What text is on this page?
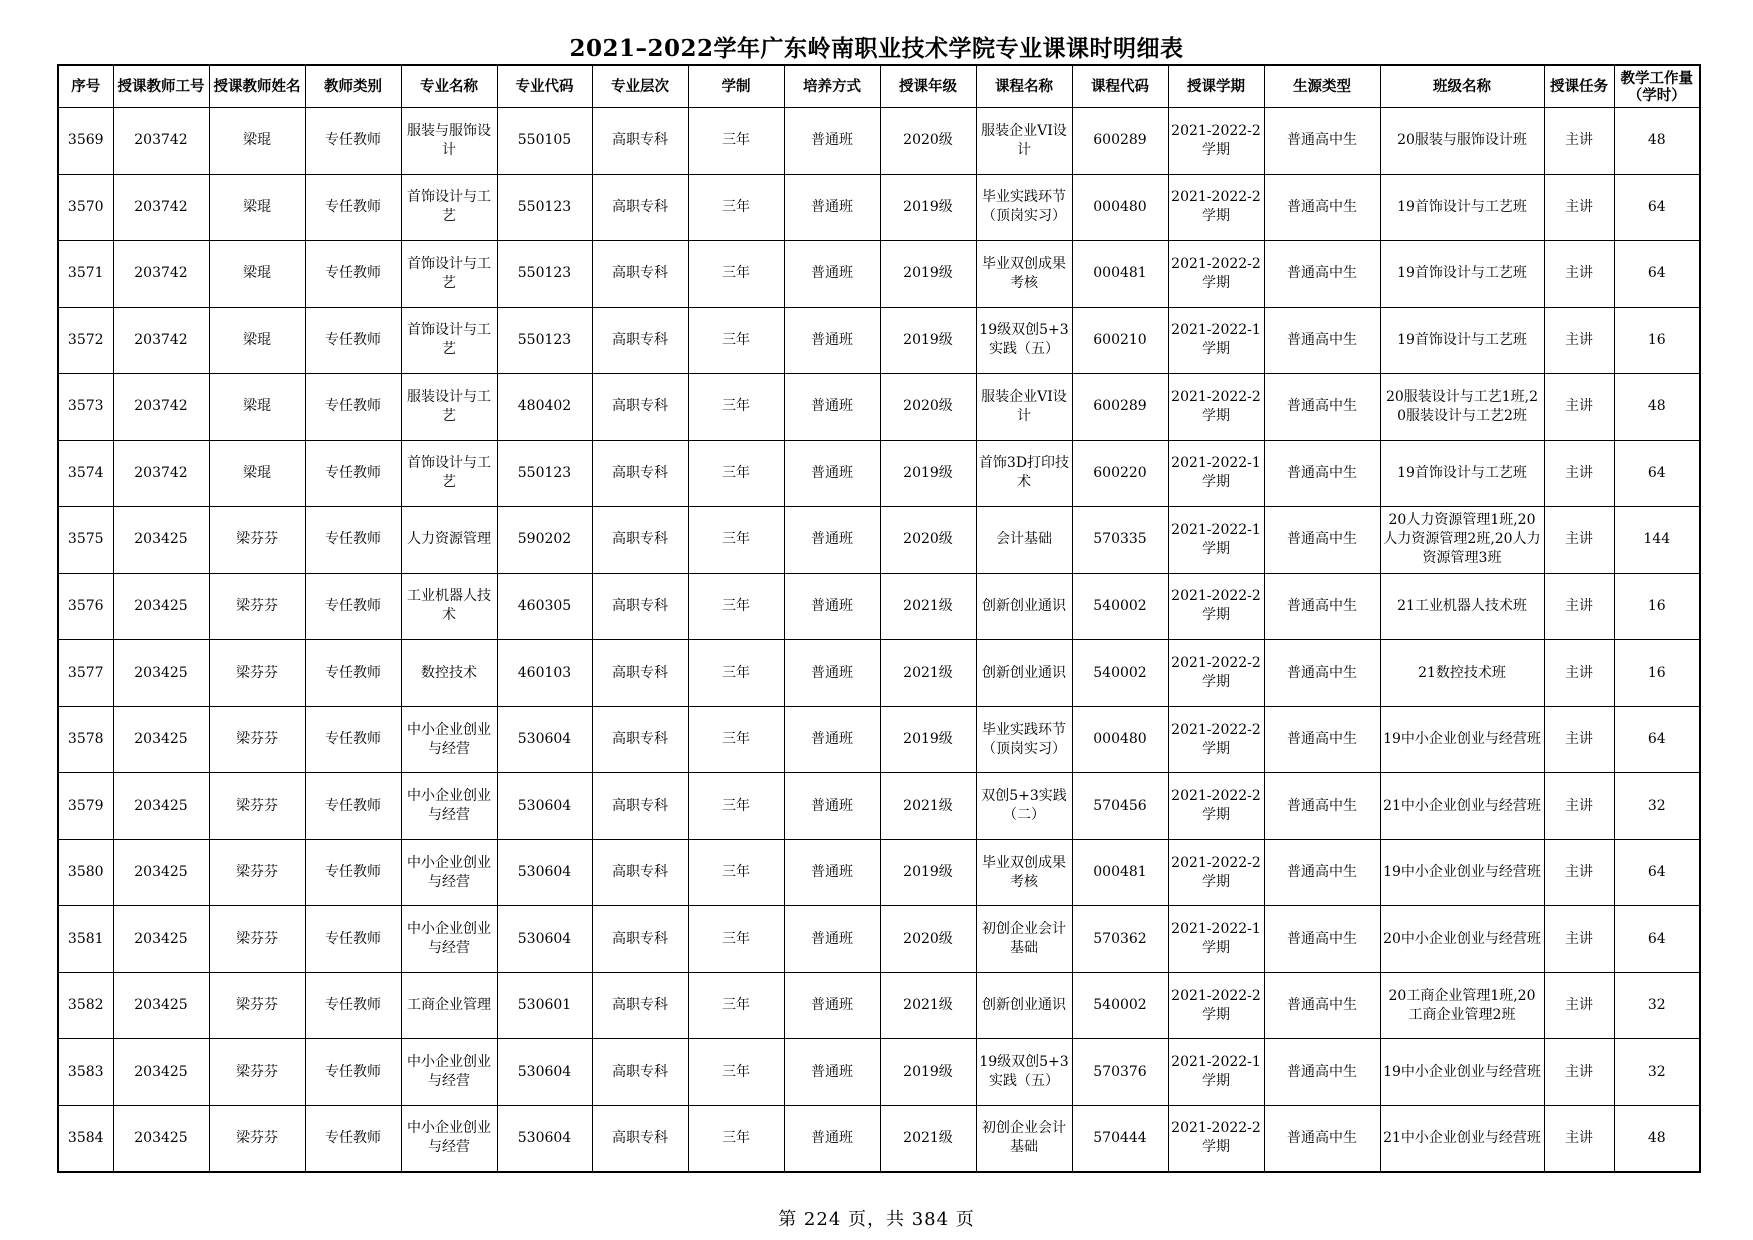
2021–2022学年广东岭南职业技术学院专业课课时明细表
序号	授课教师工号	授课教师姓名	教师类别	专业名称	专业代码	专业层次	学制	培养方式	授课年级	课程名称	课程代码	授课学期	生源类型	班级名称	授课任务	教学工作量（学时）
3569	203742	梁琨	专任教师	服装与服饰设计	550105	高职专科	三年	普通班	2020级	服装企业VI设计	600289	2021-2022-2学期	普通高中生	20服装与服饰设计班	主讲	48
3570	203742	梁琨	专任教师	首饰设计与工艺	550123	高职专科	三年	普通班	2019级	毕业实践环节（顶岗实习）	000480	2021-2022-2学期	普通高中生	19首饰设计与工艺班	主讲	64
3571	203742	梁琨	专任教师	首饰设计与工艺	550123	高职专科	三年	普通班	2019级	毕业双创成果考核	000481	2021-2022-2学期	普通高中生	19首饰设计与工艺班	主讲	64
3572	203742	梁琨	专任教师	首饰设计与工艺	550123	高职专科	三年	普通班	2019级	19级双创5+3实践（五）	600210	2021-2022-1学期	普通高中生	19首饰设计与工艺班	主讲	16
3573	203742	梁琨	专任教师	服装设计与工艺	480402	高职专科	三年	普通班	2020级	服装企业VI设计	600289	2021-2022-2学期	普通高中生	20服装设计与工艺1班,20服装设计与工艺2班	主讲	48
3574	203742	梁琨	专任教师	首饰设计与工艺	550123	高职专科	三年	普通班	2019级	首饰3D打印技术	600220	2021-2022-1学期	普通高中生	19首饰设计与工艺班	主讲	64
3575	203425	梁芬芬	专任教师	人力资源管理	590202	高职专科	三年	普通班	2020级	会计基础	570335	2021-2022-1学期	普通高中生	20人力资源管理1班,20人力资源管理2班,20人力资源管理3班	主讲	144
3576	203425	梁芬芬	专任教师	工业机器人技术	460305	高职专科	三年	普通班	2021级	创新创业通识	540002	2021-2022-2学期	普通高中生	21工业机器人技术班	主讲	16
3577	203425	梁芬芬	专任教师	数控技术	460103	高职专科	三年	普通班	2021级	创新创业通识	540002	2021-2022-2学期	普通高中生	21数控技术班	主讲	16
3578	203425	梁芬芬	专任教师	中小企业创业与经营	530604	高职专科	三年	普通班	2019级	毕业实践环节（顶岗实习）	000480	2021-2022-2学期	普通高中生	19中小企业创业与经营班	主讲	64
3579	203425	梁芬芬	专任教师	中小企业创业与经营	530604	高职专科	三年	普通班	2021级	双创5+3实践（二）	570456	2021-2022-2学期	普通高中生	21中小企业创业与经营班	主讲	32
3580	203425	梁芬芬	专任教师	中小企业创业与经营	530604	高职专科	三年	普通班	2019级	毕业双创成果考核	000481	2021-2022-2学期	普通高中生	19中小企业创业与经营班	主讲	64
3581	203425	梁芬芬	专任教师	中小企业创业与经营	530604	高职专科	三年	普通班	2020级	初创企业会计基础	570362	2021-2022-1学期	普通高中生	20中小企业创业与经营班	主讲	64
3582	203425	梁芬芬	专任教师	工商企业管理	530601	高职专科	三年	普通班	2021级	创新创业通识	540002	2021-2022-2学期	普通高中生	20工商企业管理1班,20工商企业管理2班	主讲	32
3583	203425	梁芬芬	专任教师	中小企业创业与经营	530604	高职专科	三年	普通班	2019级	19级双创5+3实践（五）	570376	2021-2022-1学期	普通高中生	19中小企业创业与经营班	主讲	32
3584	203425	梁芬芬	专任教师	中小企业创业与经营	530604	高职专科	三年	普通班	2021级	初创企业会计基础	570444	2021-2022-2学期	普通高中生	21中小企业创业与经营班	主讲	48
第 224 页，共 384 页
